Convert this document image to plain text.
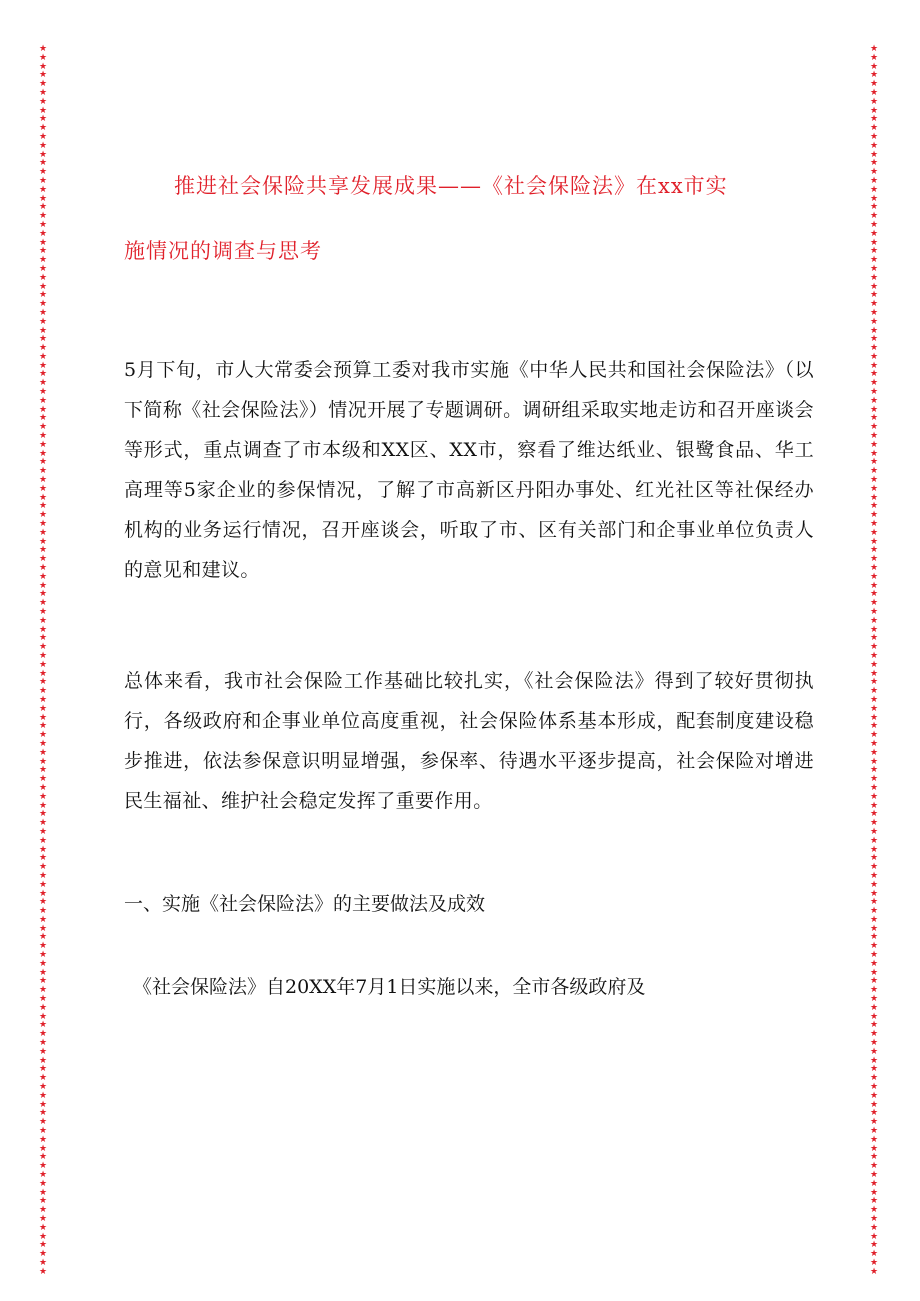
★
★
★
★
★
★
★
★
★
★
★
★
★
★
★
★
★
★
★
★
★
★
★
★
★
★
★
★
★
★
★
★
★
★
★
★
★
★
★
★
★
★
★
★
★
★
★
★
★
★
★
★
★
★
★
★
★
★
★
★
★
★
★
★
★
★
★
★
★
★
★
★
★
★
★
★
★
★
★
★
★
★
★
★
★
★
★
★
★
★
★
★
★
★
★
★
★
★
★
★
★
★
★
★
★
★
★
★
★
★
★
★
★
★
★
★
★
★
★
★
★
★
★
★
★
★
★
★
★
★
★
★
★
★
★
★
★
★
★
★
★
★
★
★
★
★
★
★
★
★
★
★
★
★
★
★
★
★
★
★
★
★
★
★
★
★
★
★
★
★
★
★
★
★
★
★
★
★
★
★
★
★
★
★
★
★
★
★
★
★
★
★
★
★
★
★
★
★
★
★
★
★
★
★
★
★
★
★
★
★
★
★
★
★
★
★
★
★
★
★
★
★
★
★
★
★
★
★
★
★
★
★
★
★
★
★
★
★
★
★
★
★
★
★
★
★
★
★
★
★
★
★
★
★
★
★
★
★
★
★
★
★
★
★
★
★
★
★
★
★
★
★
★
★
★
★
★
★
★
★
推进社会保险共享发展成果——《社会保险法》在xx市实
施情况的调查与思考
5月下旬，市人大常委会预算工委对我市实施《中华人民共和国社会保险法》（以下简称《社会保险法》）情况开展了专题调研。调研组采取实地走访和召开座谈会等形式，重点调查了市本级和XX区、XX市，察看了维达纸业、银鹭食品、华工高理等5家企业的参保情况，了解了市高新区丹阳办事处、红光社区等社保经办机构的业务运行情况，召开座谈会，听取了市、区有关部门和企事业单位负责人的意见和建议。
总体来看，我市社会保险工作基础比较扎实，《社会保险法》得到了较好贯彻执行，各级政府和企事业单位高度重视，社会保险体系基本形成，配套制度建设稳步推进，依法参保意识明显增强，参保率、待遇水平逐步提高，社会保险对增进民生福祉、维护社会稳定发挥了重要作用。
一、实施《社会保险法》的主要做法及成效
《社会保险法》自20XX年7月1日实施以来，全市各级政府及
